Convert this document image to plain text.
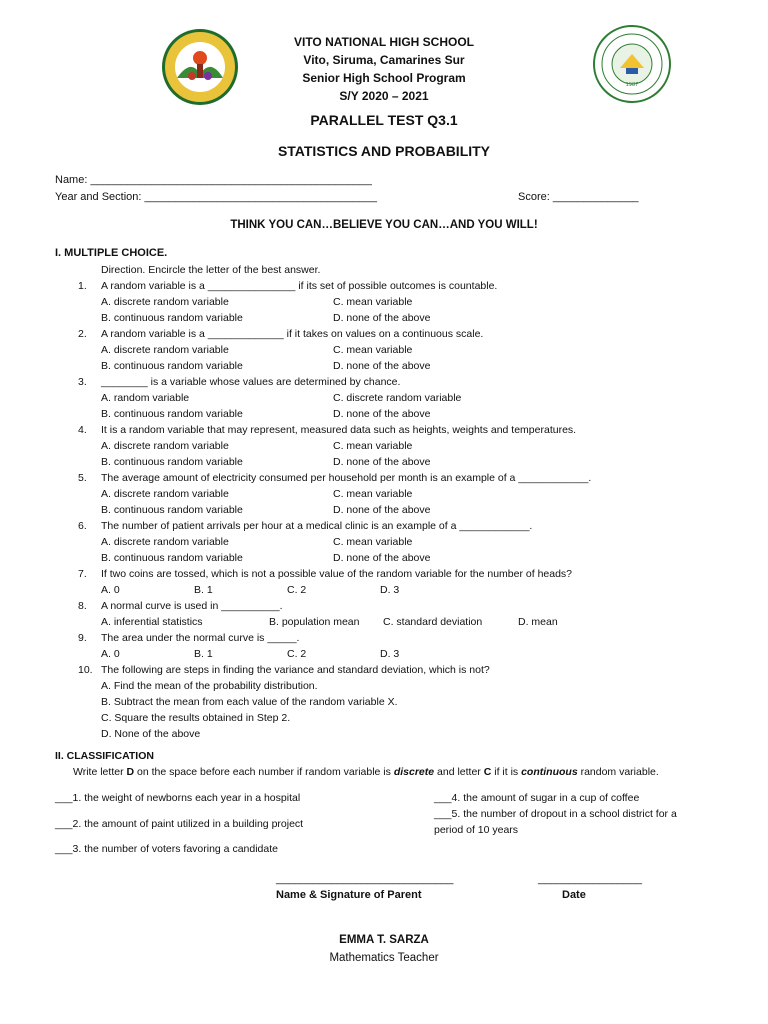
1987
VITO NATIONAL HIGH SCHOOL
Vito, Siruma, Camarines Sur
Senior High School Program
S/Y 2020 – 2021
PARALLEL TEST Q3.1
STATISTICS AND PROBABILITY
Name: ______________________________________________
Year and Section: ______________________________________	Score: ______________
THINK YOU CAN…BELIEVE YOU CAN…AND YOU WILL!
I. MULTIPLE CHOICE.
Direction. Encircle the letter of the best answer.
1. A random variable is a _______________ if its set of possible outcomes is countable.
A. discrete random variable	C. mean variable
B. continuous random variable	D. none of the above
2. A random variable is a _____________ if it takes on values on a continuous scale.
A. discrete random variable	C. mean variable
B. continuous random variable	D. none of the above
3. ________ is a variable whose values are determined by chance.
A. random variable	C. discrete random variable
B. continuous random variable	D. none of the above
4. It is a random variable that may represent, measured data such as heights, weights and temperatures.
A. discrete random variable	C. mean variable
B. continuous random variable	D. none of the above
5. The average amount of electricity consumed per household per month is an example of a ____________.
A. discrete random variable	C. mean variable
B. continuous random variable	D. none of the above
6. The number of patient arrivals per hour at a medical clinic is an example of a ____________.
A. discrete random variable	C. mean variable
B. continuous random variable	D. none of the above
7. If two coins are tossed, which is not a possible value of the random variable for the number of heads?
A. 0	B. 1	C. 2	D. 3
8. A normal curve is used in __________.
A. inferential statistics	B. population mean C. standard deviation	D. mean
9. The area under the normal curve is _____.
A. 0	B. 1	C. 2	D. 3
10. The following are steps in finding the variance and standard deviation, which is not?
A. Find the mean of the probability distribution.
B. Subtract the mean from each value of the random variable X.
C. Square the results obtained in Step 2.
D. None of the above
II. CLASSIFICATION
Write letter D on the space before each number if random variable is discrete and letter C if it is continuous random variable.
___1. the weight of newborns each year in a hospital
___2. the amount of paint utilized in a building project
___3. the number of voters favoring a candidate
___4. the amount of sugar in a cup of coffee
___5. the number of dropout in a school district for a
period of 10 years
_____________________________
Name & Signature of Parent
_________________
Date
EMMA T. SARZA
Mathematics Teacher
